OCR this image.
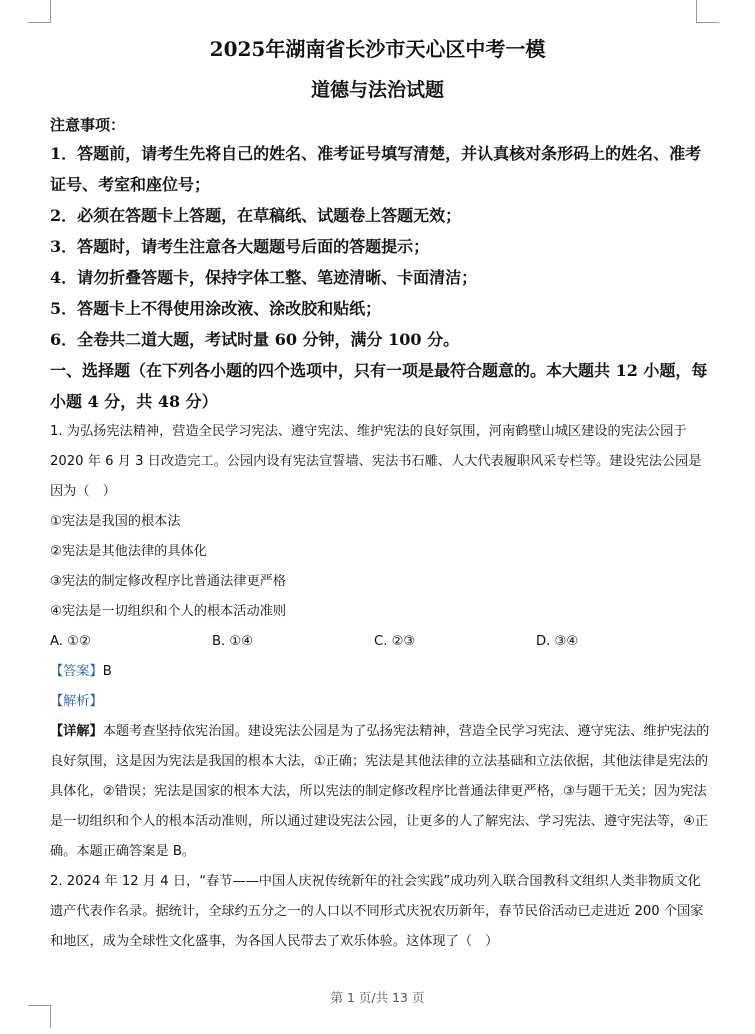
2025年湖南省长沙市天心区中考一模
道德与法治试题
注意事项：
1．答题前，请考生先将自己的姓名、准考证号填写清楚，并认真核对条形码上的姓名、准考证号、考室和座位号；
2．必须在答题卡上答题，在草稿纸、试题卷上答题无效；
3．答题时，请考生注意各大题题号后面的答题提示；
4．请勿折叠答题卡，保持字体工整、笔迹清晰、卡面清洁；
5．答题卡上不得使用涂改液、涂改胶和贴纸；
6．全卷共二道大题，考试时量 60 分钟，满分 100 分。
一、选择题（在下列各小题的四个选项中，只有一项是最符合题意的。本大题共 12 小题，每小题 4 分，共 48 分）
1. 为弘扬宪法精神，营造全民学习宪法、遵守宪法、维护宪法的良好氛围，河南鹤壁山城区建设的宪法公园于 2020 年 6 月 3 日改造完工。公园内设有宪法宣誓墙、宪法书石雕、人大代表履职风采专栏等。建设宪法公园是因为（　）
①宪法是我国的根本法
②宪法是其他法律的具体化
③宪法的制定修改程序比普通法律更严格
④宪法是一切组织和个人的根本活动准则
A. ①②	B. ①④	C. ②③	D. ③④
【答案】B
【解析】
【详解】本题考查坚持依宪治国。建设宪法公园是为了弘扬宪法精神，营造全民学习宪法、遵守宪法、维护宪法的良好氛围，这是因为宪法是我国的根本大法，①正确；宪法是其他法律的立法基础和立法依据，其他法律是宪法的具体化，②错误；宪法是国家的根本大法，所以宪法的制定修改程序比普通法律更严格，③与题干无关；因为宪法是一切组织和个人的根本活动准则，所以通过建设宪法公园，让更多的人了解宪法、学习宪法、遵守宪法等，④正确。本题正确答案是 B。
2. 2024 年 12 月 4 日，“春节——中国人庆祝传统新年的社会实践”成功列入联合国教科文组织人类非物质文化遗产代表作名录。据统计，全球约五分之一的人口以不同形式庆祝农历新年，春节民俗活动已走进近 200 个国家和地区，成为全球性文化盛事，为各国人民带去了欢乐体验。这体现了（　）
第 1 页/共 13 页
